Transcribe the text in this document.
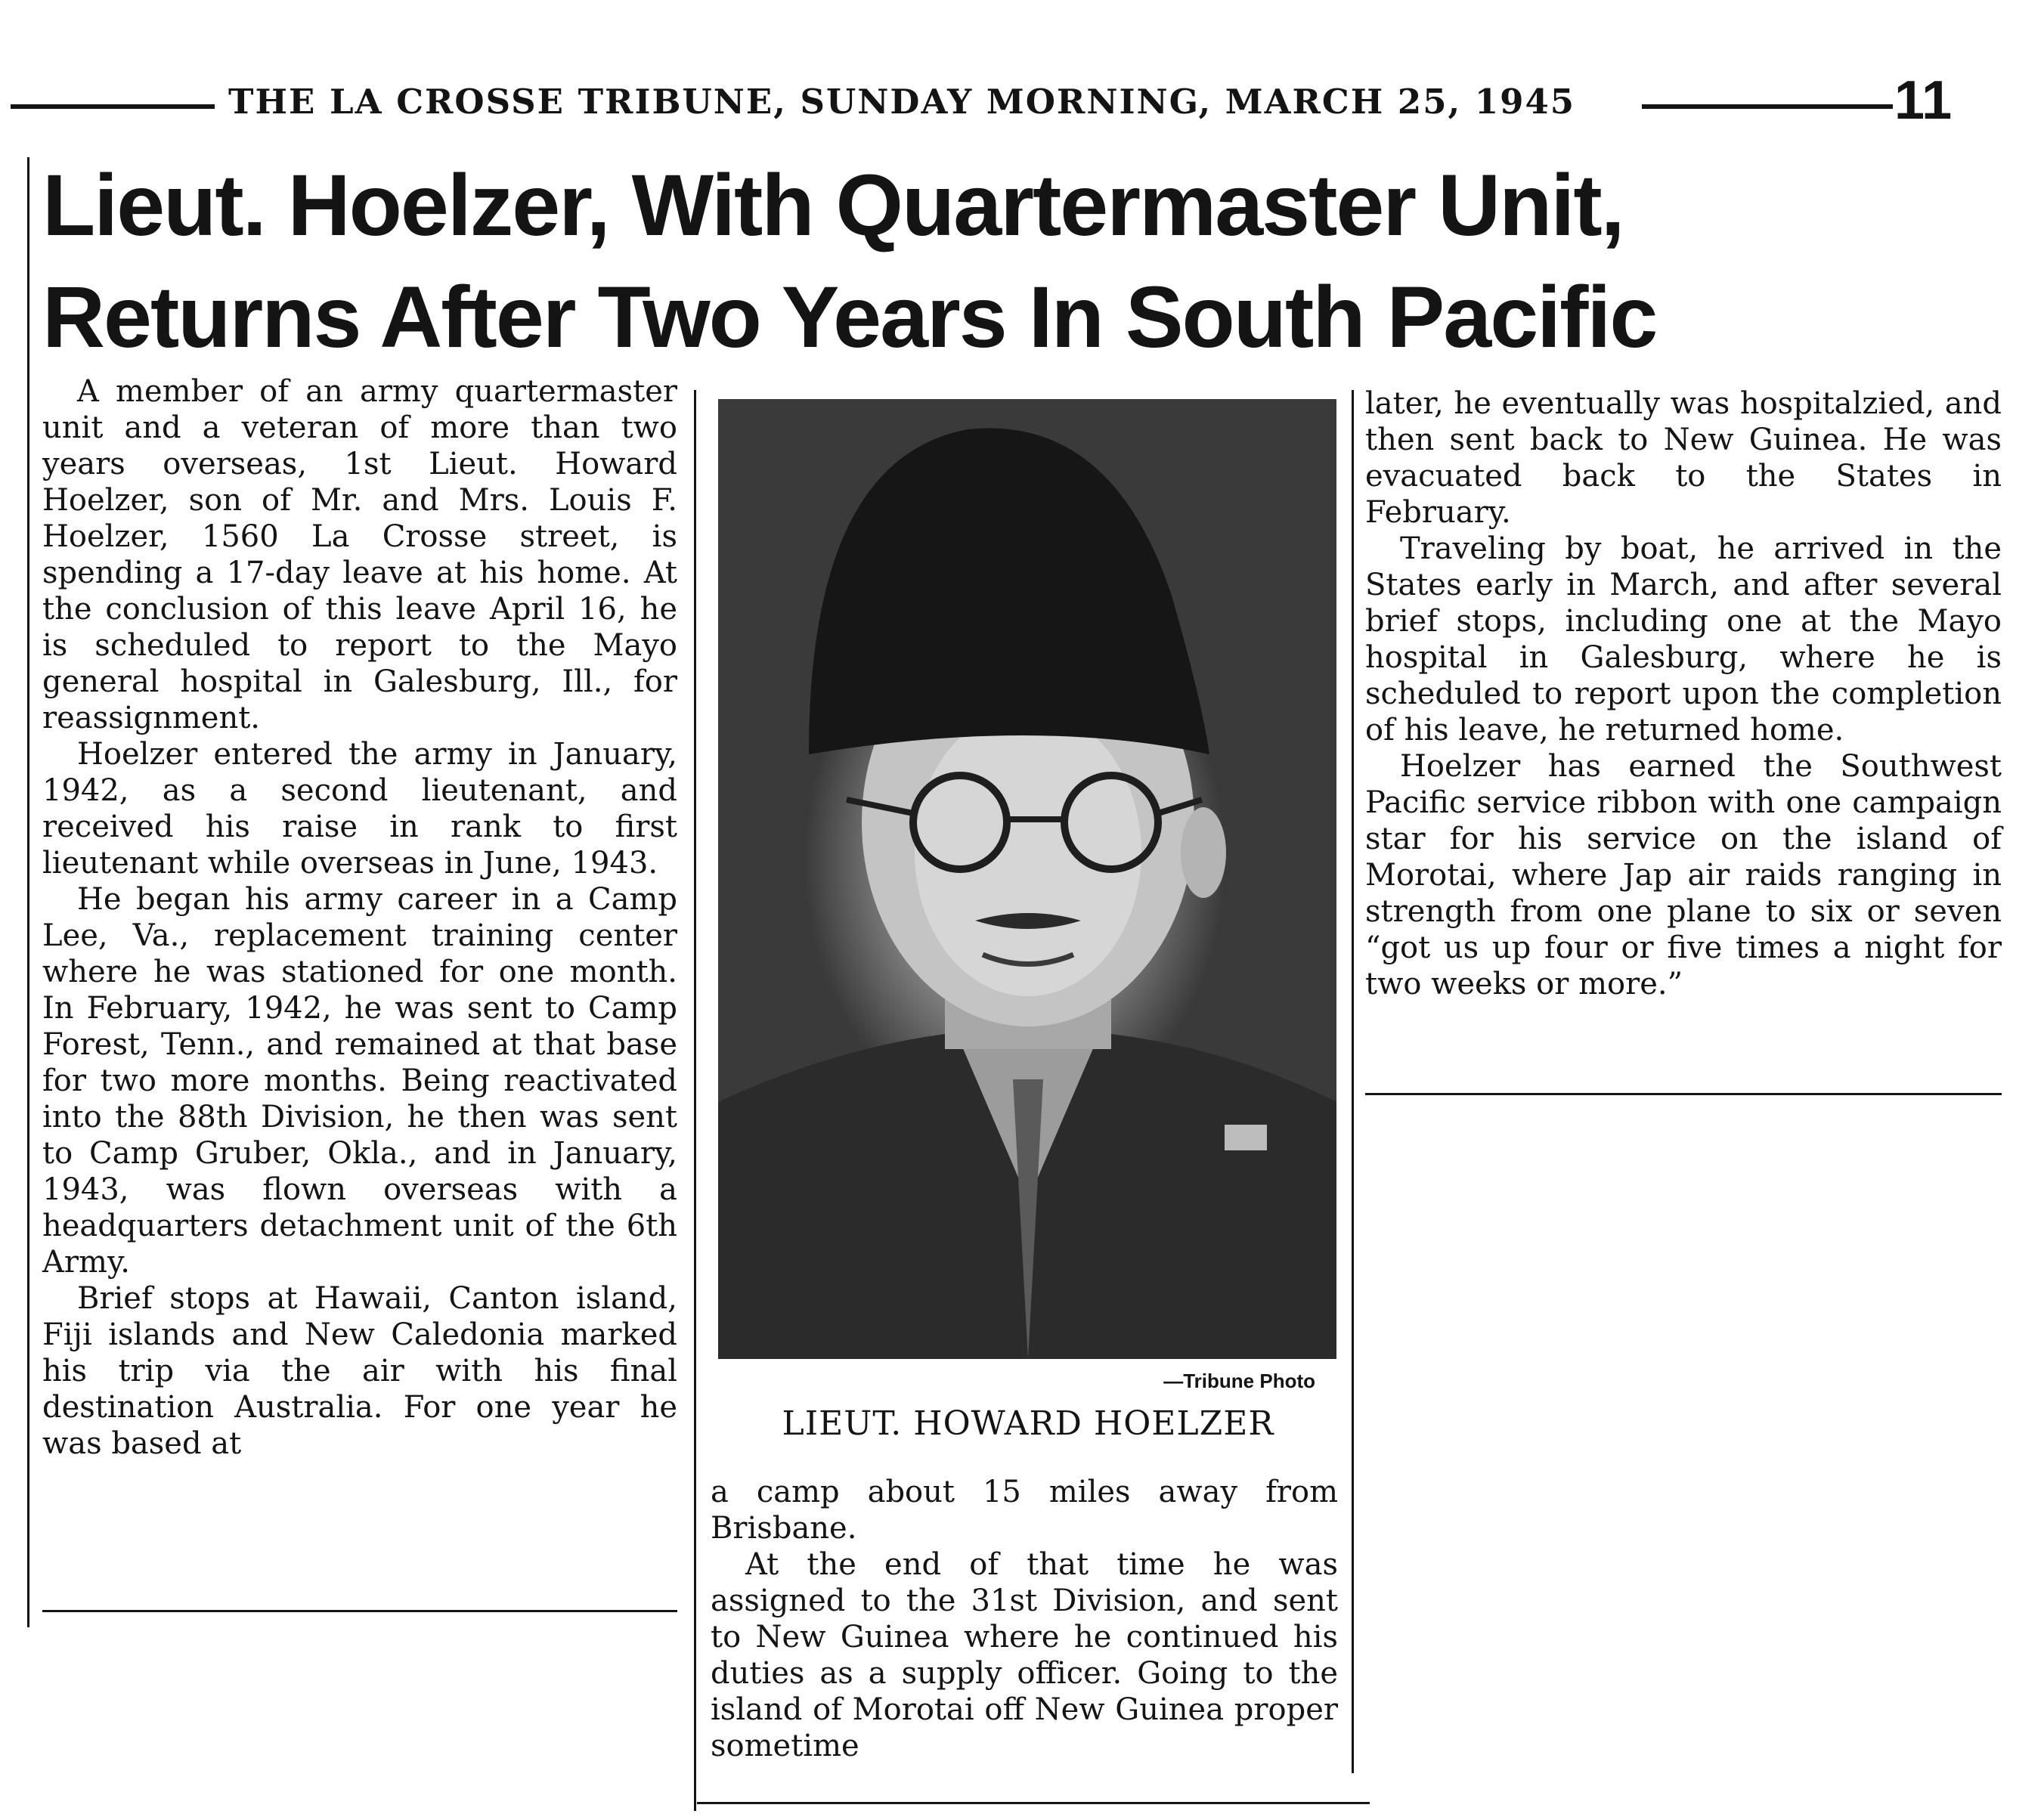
THE LA CROSSE TRIBUNE, SUNDAY MORNING, MARCH 25, 1945	11
Lieut. Hoelzer, With Quartermaster Unit,
Returns After Two Years In South Pacific

A member of an army quartermaster unit and a veteran of more than two years overseas, 1st Lieut. Howard Hoelzer, son of Mr. and Mrs. Louis F. Hoelzer, 1560 La Crosse street, is spending a 17-day leave at his home. At the conclusion of this leave April 16, he is scheduled to report to the Mayo general hospital in Galesburg, Ill., for reassignment.

Hoelzer entered the army in January, 1942, as a second lieutenant, and received his raise in rank to first lieutenant while overseas in June, 1943.

He began his army career in a Camp Lee, Va., replacement training center where he was stationed for one month. In February, 1942, he was sent to Camp Forest, Tenn., and remained at that base for two more months. Being reactivated into the 88th Division, he then was sent to Camp Gruber, Okla., and in January, 1943, was flown overseas with a headquarters detachment unit of the 6th Army.

Brief stops at Hawaii, Canton island, Fiji islands and New Caledonia marked his trip via the air with his final destination Australia. For one year he was based at

—Tribune Photo
LIEUT. HOWARD HOELZER

a camp about 15 miles away from Brisbane.

At the end of that time he was assigned to the 31st Division, and sent to New Guinea where he continued his duties as a supply officer. Going to the island of Morotai off New Guinea proper sometime

later, he eventually was hospitalzied, and then sent back to New Guinea. He was evacuated back to the States in February.

Traveling by boat, he arrived in the States early in March, and after several brief stops, including one at the Mayo hospital in Galesburg, where he is scheduled to report upon the completion of his leave, he returned home.

Hoelzer has earned the Southwest Pacific service ribbon with one campaign star for his service on the island of Morotai, where Jap air raids ranging in strength from one plane to six or seven “got us up four or five times a night for two weeks or more.”
